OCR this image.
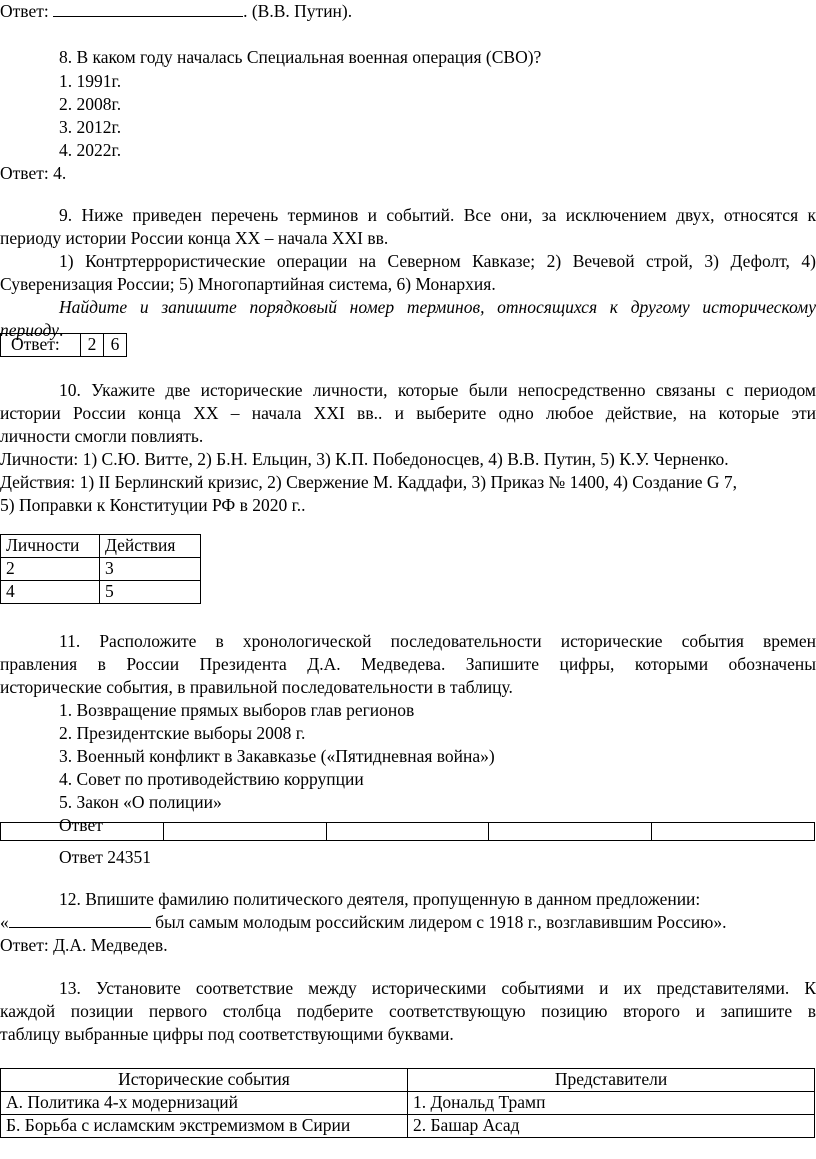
Ответ:	. (В.В. Путин).
8. В каком году началась Специальная военная операция (СВО)?
1. 1991г.
2. 2008г.
3. 2012г.
4. 2022г.
Ответ: 4.
9. Ниже приведен перечень терминов и событий. Все они, за исключением двух, относятся к
периоду истории России конца XX – начала XXI вв.
1) Контртеррористические операции на Северном Кавказе; 2) Вечевой строй, 3) Дефолт, 4)
Суверенизация России; 5) Многопартийная система, 6) Монархия.
Найдите и запишите порядковый номер терминов, относящихся к другому историческому
периоду.
Ответ:	2	6
10. Укажите две исторические личности, которые были непосредственно связаны с периодом
истории России конца XX – начала XXI вв.. и выберите одно любое действие, на которые эти
личности смогли повлиять.
Личности: 1) С.Ю. Витте, 2) Б.Н. Ельцин, 3) К.П. Победоносцев, 4) В.В. Путин, 5) К.У. Черненко.
Действия: 1) II Берлинский кризис, 2) Свержение М. Каддафи, 3) Приказ № 1400, 4) Создание G 7,
5) Поправки к Конституции РФ в 2020 г..
Личности	Действия
2	3
4	5
11. Расположите в хронологической последовательности исторические события времен
правления в России Президента Д.А. Медведева. Запишите цифры, которыми обозначены
исторические события, в правильной последовательности в таблицу.
1. Возвращение прямых выборов глав регионов
2. Президентские выборы 2008 г.
3. Военный конфликт в Закавказье («Пятидневная война»)
4. Совет по противодействию коррупции
5. Закон «О полиции»
Ответ

Ответ 24351
12. Впишите фамилию политического деятеля, пропущенную в данном предложении:
«	был самым молодым российским лидером с 1918 г., возглавившим Россию».
Ответ: Д.А. Медведев.
13. Установите соответствие между историческими событиями и их представителями. К
каждой позиции первого столбца подберите соответствующую позицию второго и запишите в
таблицу выбранные цифры под соответствующими буквами.
Исторические события	Представители
А. Политика 4-х модернизаций	1. Дональд Трамп
Б. Борьба с исламским экстремизмом в Сирии	2. Башар Асад
